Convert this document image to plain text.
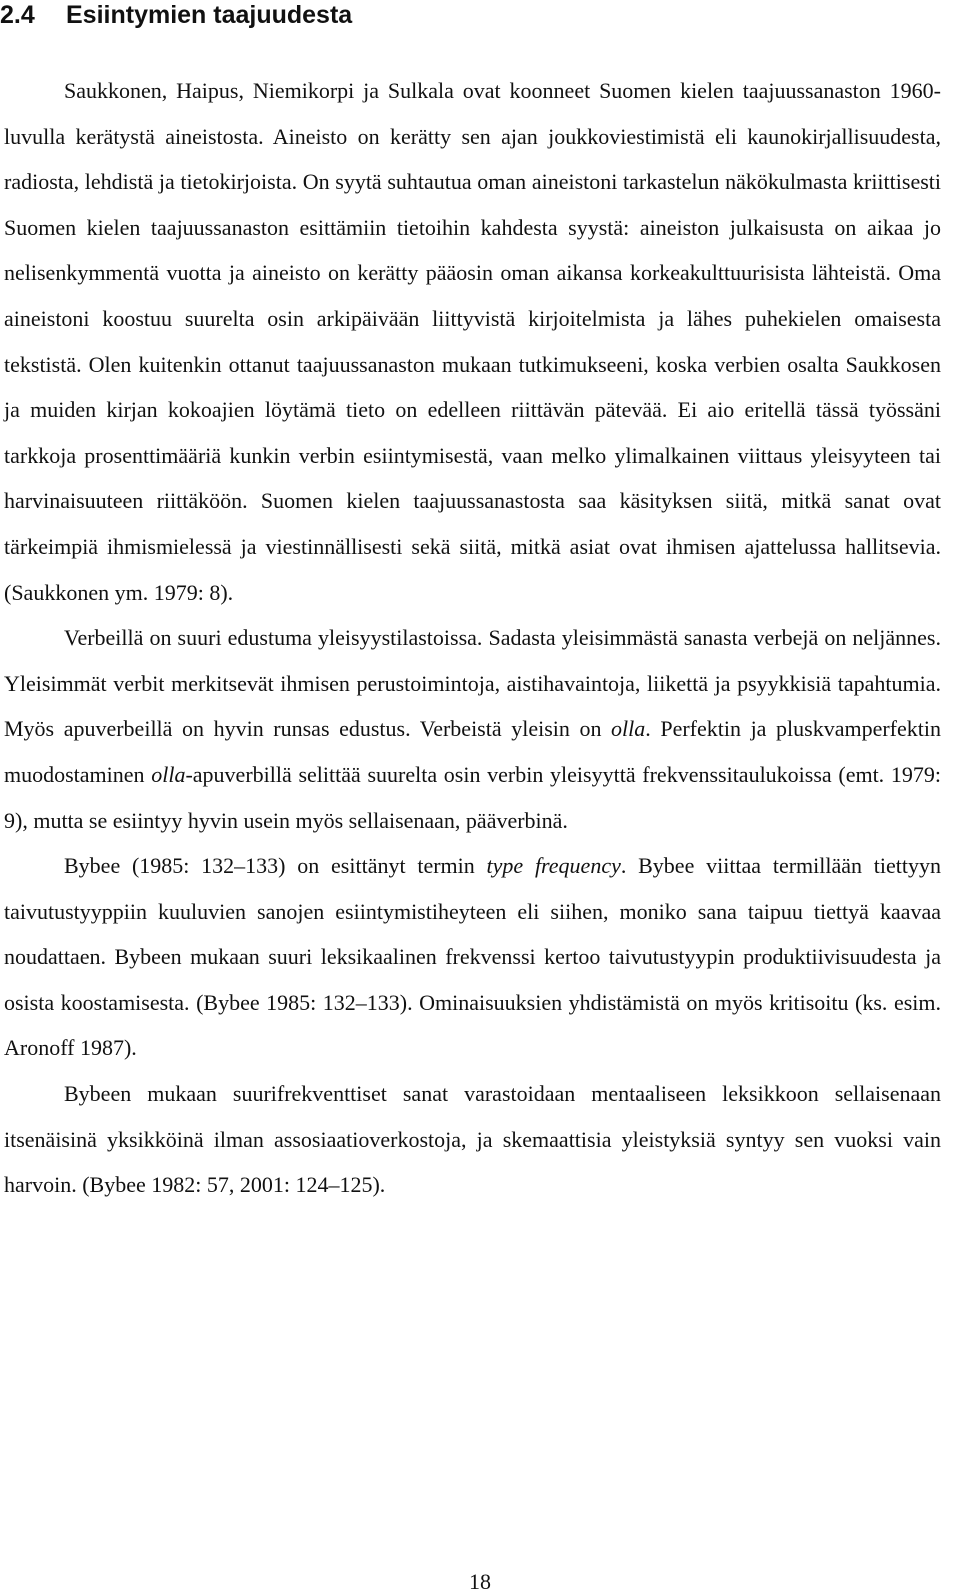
2.4 Esiintymien taajuudesta

Saukkonen, Haipus, Niemikorpi ja Sulkala ovat koonneet Suomen kielen taajuussanaston 1960-luvulla kerätystä aineistosta. Aineisto on kerätty sen ajan joukkoviestimistä eli kaunokirjallisuudesta, radiosta, lehdistä ja tietokirjoista. On syytä suhtautua oman aineistoni tarkastelun näkökulmasta kriittisesti Suomen kielen taajuussanaston esittämiin tietoihin kahdesta syystä: aineiston julkaisusta on aikaa jo nelisenkymmentä vuotta ja aineisto on kerätty pääosin oman aikansa korkeakulttuurisista lähteistä. Oma aineistoni koostuu suurelta osin arkipäivään liittyvistä kirjoitelmista ja lähes puhekielen omaisesta tekstistä. Olen kuitenkin ottanut taajuussanaston mukaan tutkimukseeni, koska verbien osalta Saukkosen ja muiden kirjan kokoajien löytämä tieto on edelleen riittävän pätevää. Ei aio eritellä tässä työssäni tarkkoja prosenttimääriä kunkin verbin esiintymisestä, vaan melko ylimalkainen viittaus yleisyyteen tai harvinaisuuteen riittäköön. Suomen kielen taajuussanastosta saa käsityksen siitä, mitkä sanat ovat tärkeimpiä ihmismielessä ja viestinnällisesti sekä siitä, mitkä asiat ovat ihmisen ajattelussa hallitsevia. (Saukkonen ym. 1979: 8).

Verbeillä on suuri edustuma yleisyystilastoissa. Sadasta yleisimmästä sanasta verbejä on neljännes. Yleisimmät verbit merkitsevät ihmisen perustoimintoja, aistihavaintoja, liikettä ja psyykkisiä tapahtumia. Myös apuverbeillä on hyvin runsas edustus. Verbeistä yleisin on olla. Perfektin ja pluskvamperfektin muodostaminen olla-apuverbillä selittää suurelta osin verbin yleisyyttä frekvenssitaulukoissa (emt. 1979: 9), mutta se esiintyy hyvin usein myös sellaisenaan, pääverbinä.

Bybee (1985: 132–133) on esittänyt termin type frequency. Bybee viittaa termillään tiettyyn taivutustyyppiin kuuluvien sanojen esiintymistiheyteen eli siihen, moniko sana taipuu tiettyä kaavaa noudattaen. Bybeen mukaan suuri leksikaalinen frekvenssi kertoo taivutustyypin produktiivisuudesta ja osista koostamisesta. (Bybee 1985: 132–133). Ominaisuuksien yhdistämistä on myös kritisoitu (ks. esim. Aronoff 1987).

Bybeen mukaan suurifrekventtiset sanat varastoidaan mentaaliseen leksikkoon sellaisenaan itsenäisinä yksikköinä ilman assosiaatioverkostoja, ja skemaattisia yleistyksiä syntyy sen vuoksi vain harvoin. (Bybee 1982: 57, 2001: 124–125).

18
